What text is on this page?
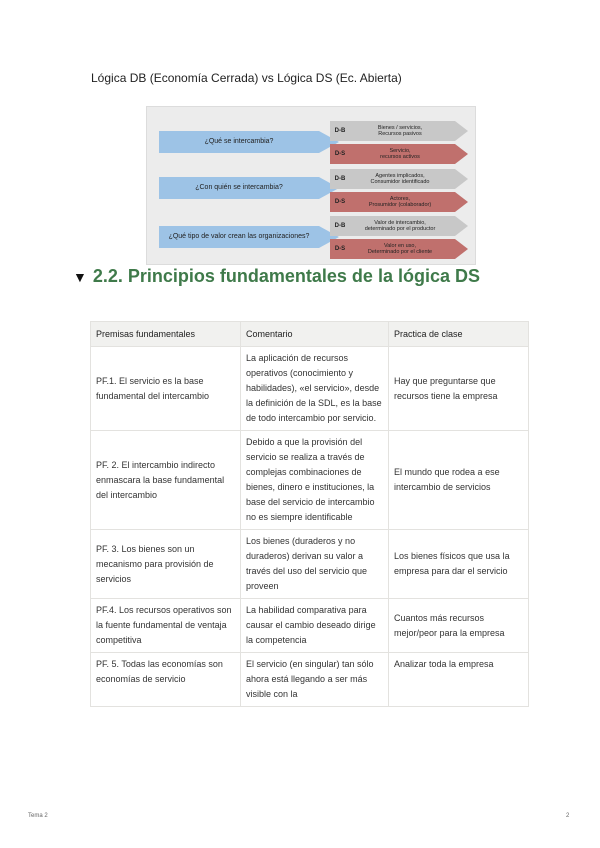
Lógica DB (Economía Cerrada) vs Lógica DS (Ec. Abierta)
¿Qué se intercambia?
¿Con quién se intercambia?
¿Qué tipo de valor crean las organizaciones?
D-B	Bienes / servicios,
Recursos pasivos
D-S	Servicio,
recursos activos
D-B	Agentes implicados,
Consumidor identificado
D-S	Actores,
Prosumidor (colaborador)
D-B	Valor de intercambio,
determinado por el productor
D-S	Valor en uso,
Determinado por el cliente
▼ 2.2. Principios fundamentales de la lógica DS
Premisas fundamentales	Comentario	Practica de clase
PF.1. El servicio es la base fundamental del intercambio	La aplicación de recursos operativos (conocimiento y habilidades), «el servicio», desde la definición de la SDL, es la base de todo intercambio por servicio.	Hay que preguntarse que recursos tiene la empresa
PF. 2. El intercambio indirecto enmascara la base fundamental del intercambio	Debido a que la provisión del servicio se realiza a través de complejas combinaciones de bienes, dinero e instituciones, la base del servicio de intercambio no es siempre identificable	El mundo que rodea a ese intercambio de servicios
PF. 3. Los bienes son un mecanismo para provisión de servicios	Los bienes (duraderos y no duraderos) derivan su valor a través del uso del servicio que proveen	Los bienes físicos que usa la empresa para dar el servicio
PF.4. Los recursos operativos son la fuente fundamental de ventaja competitiva	La habilidad comparativa para causar el cambio deseado dirige la competencia	Cuantos más recursos mejor/peor para la empresa
PF. 5. Todas las economías son economías de servicio	El servicio (en singular) tan sólo ahora está llegando a ser más visible con la	Analizar toda la empresa
Tema 2	2
